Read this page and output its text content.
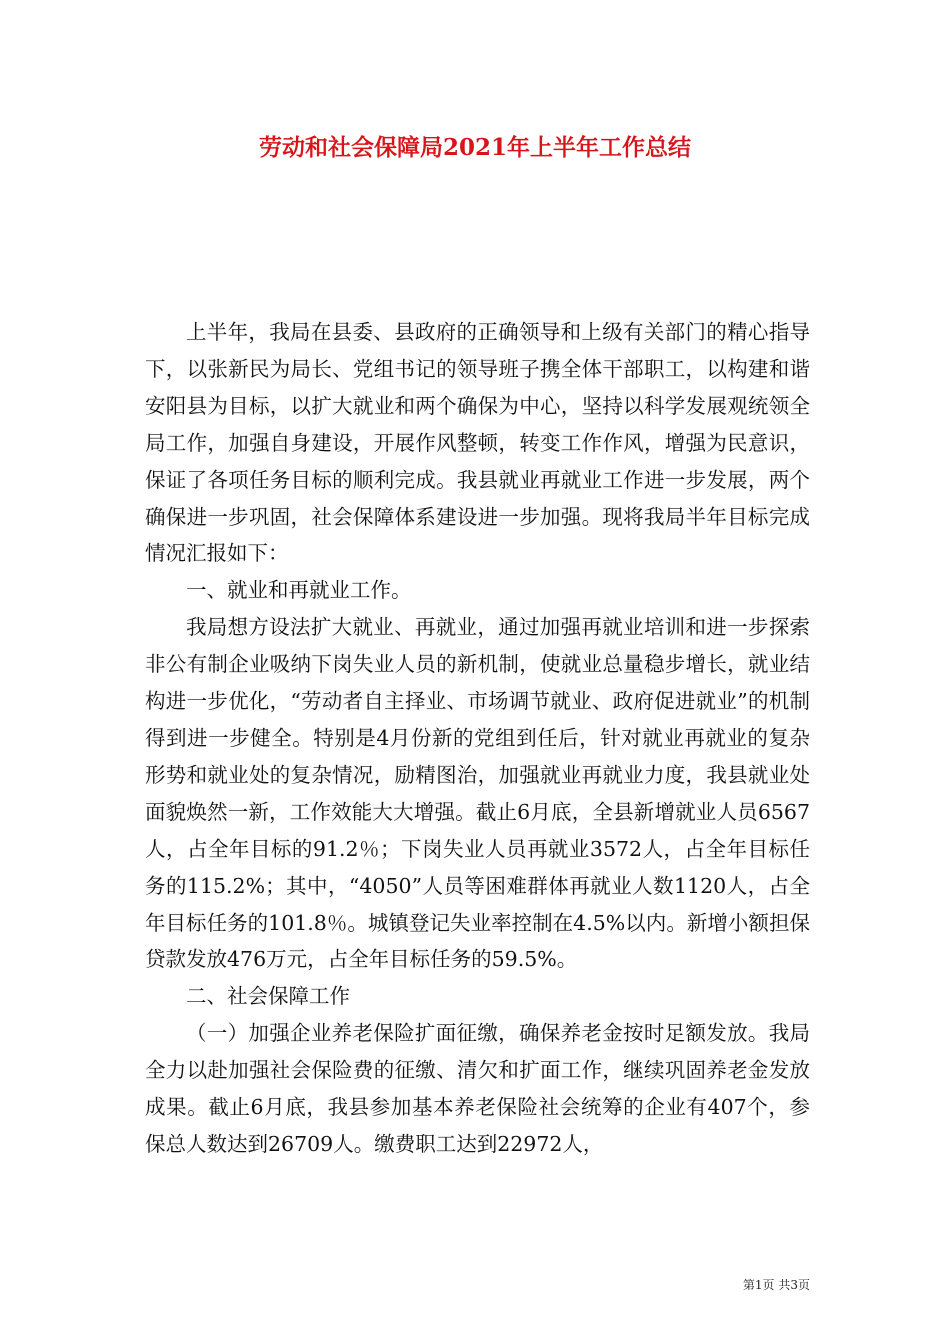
劳动和社会保障局2021年上半年工作总结

上半年，我局在县委、县政府的正确领导和上级有关部门的精心指导下，以张新民为局长、党组书记的领导班子携全体干部职工，以构建和谐安阳县为目标，以扩大就业和两个确保为中心，坚持以科学发展观统领全局工作，加强自身建设，开展作风整顿，转变工作作风，增强为民意识，保证了各项任务目标的顺利完成。我县就业再就业工作进一步发展，两个确保进一步巩固，社会保障体系建设进一步加强。现将我局半年目标完成情况汇报如下：

一、就业和再就业工作。

我局想方设法扩大就业、再就业，通过加强再就业培训和进一步探索非公有制企业吸纳下岗失业人员的新机制，使就业总量稳步增长，就业结构进一步优化，“劳动者自主择业、市场调节就业、政府促进就业”的机制得到进一步健全。特别是4月份新的党组到任后，针对就业再就业的复杂形势和就业处的复杂情况，励精图治，加强就业再就业力度，我县就业处面貌焕然一新，工作效能大大增强。截止6月底，全县新增就业人员6567人，占全年目标的91.2％；下岗失业人员再就业3572人，占全年目标任务的115.2%；其中，“4050”人员等困难群体再就业人数1120人，占全年目标任务的101.8％。城镇登记失业率控制在4.5%以内。新增小额担保贷款发放476万元，占全年目标任务的59.5%。

二、社会保障工作

（一）加强企业养老保险扩面征缴，确保养老金按时足额发放。我局全力以赴加强社会保险费的征缴、清欠和扩面工作，继续巩固养老金发放成果。截止6月底，我县参加基本养老保险社会统筹的企业有407个，参保总人数达到26709人。缴费职工达到22972人，

第1页 共3页
